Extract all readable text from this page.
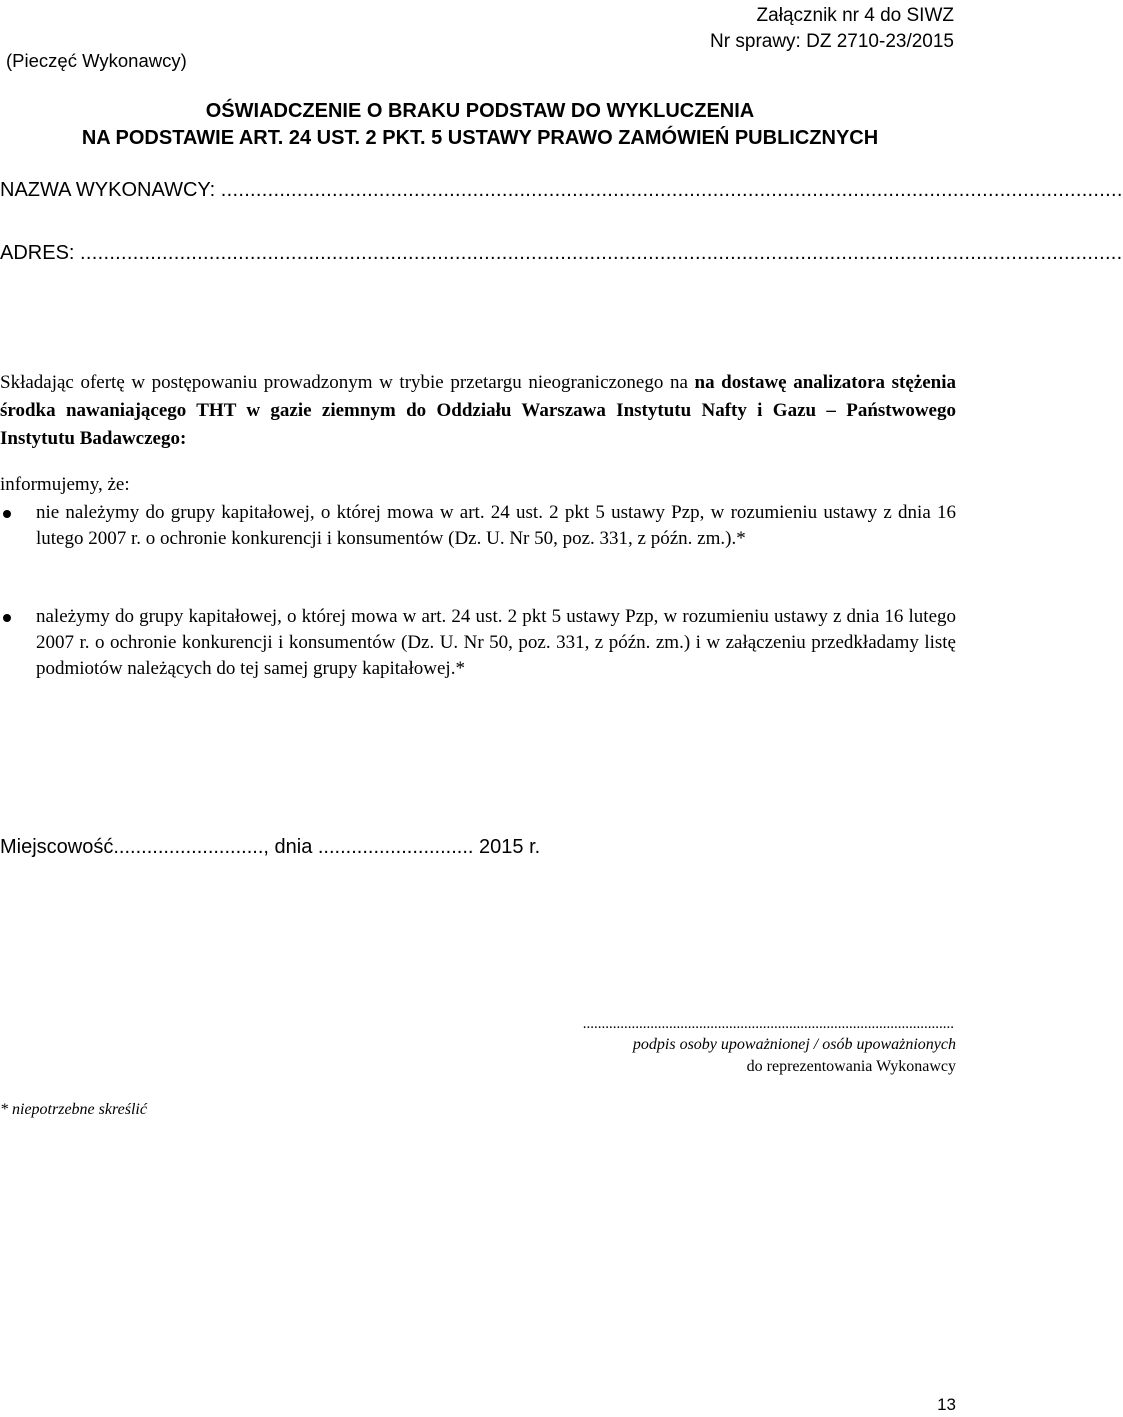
(Pieczęć Wykonawcy)
Załącznik nr 4 do SIWZ
Nr sprawy: DZ 2710-23/2015
OŚWIADCZENIE O BRAKU PODSTAW DO WYKLUCZENIA
NA PODSTAWIE ART. 24 UST. 2 PKT. 5 USTAWY PRAWO ZAMÓWIEŃ PUBLICZNYCH
NAZWA WYKONAWCY: ..........................................................................................................................................................
ADRES: ..................................................................................................................................................................................
Składając ofertę w postępowaniu prowadzonym w trybie przetargu nieograniczonego na na dostawę analizatora stężenia środka nawaniającego THT w gazie ziemnym do Oddziału Warszawa Instytutu Nafty i Gazu – Państwowego Instytutu Badawczego:
informujemy, że:
nie należymy do grupy kapitałowej, o której mowa w art. 24 ust. 2 pkt 5 ustawy Pzp, w rozumieniu ustawy z dnia 16 lutego 2007 r. o ochronie konkurencji i konsumentów (Dz. U. Nr 50, poz. 331, z późn. zm.).*
należymy do grupy kapitałowej, o której mowa w art. 24 ust. 2 pkt 5 ustawy Pzp, w rozumieniu ustawy z dnia 16 lutego 2007 r. o ochronie konkurencji i konsumentów (Dz. U. Nr 50, poz. 331, z późn. zm.) i w załączeniu przedkładamy listę podmiotów należących do tej samej grupy kapitałowej.*
Miejscowość..........................., dnia ............................ 2015 r.
...................................................................................................
podpis osoby upoważnionej / osób upoważnionych
do reprezentowania Wykonawcy
* niepotrzebne skreślić
13
